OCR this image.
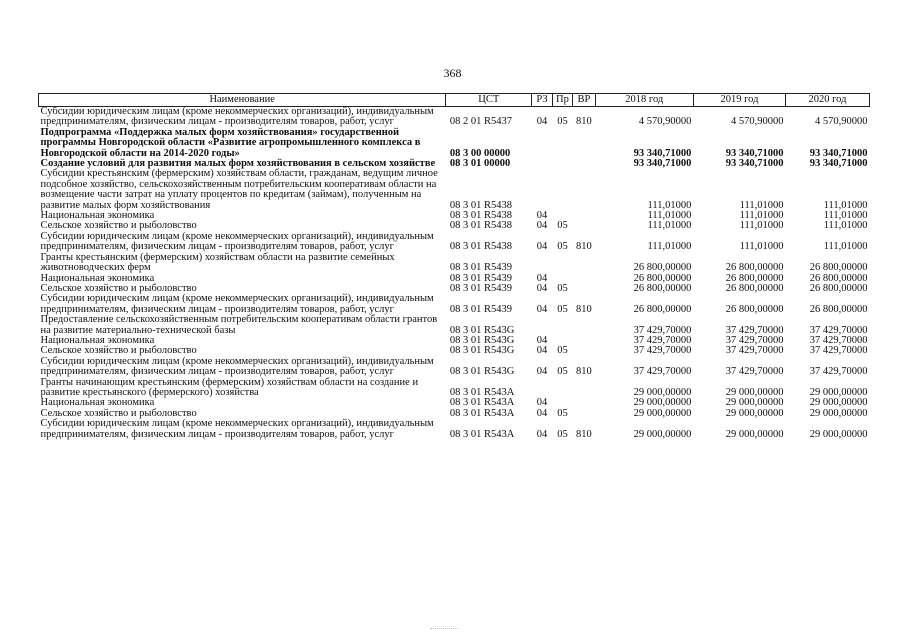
368
Наименование	ЦСТ	РЗ	Пр	ВР	2018 год	2019 год	2020 год
Субсидии юридическим лицам (кроме некоммерческих организаций), индивидуальным предпринимателям, физическим лицам - производителям товаров, работ, услуг	08 2 01 R5437	04	05	810	4 570,90000	4 570,90000	4 570,90000
Подпрограмма «Поддержка малых форм хозяйствования» государственной программы Новгородской области «Развитие агропромышленного комплекса в Новгородской области на 2014-2020 годы»	08 3 00 00000				93 340,71000	93 340,71000	93 340,71000
Создание условий для развития малых форм хозяйствования в сельском хозяйстве	08 3 01 00000				93 340,71000	93 340,71000	93 340,71000
Субсидии крестьянским (фермерским) хозяйствам области, гражданам, ведущим личное подсобное хозяйство, сельскохозяйственным потребительским кооперативам области на возмещение части затрат на уплату процентов по кредитам (займам), полученным на развитие малых форм хозяйствования	08 3 01 R5438				111,01000	111,01000	111,01000
Национальная экономика	08 3 01 R5438	04			111,01000	111,01000	111,01000
Сельское хозяйство и рыболовство	08 3 01 R5438	04	05		111,01000	111,01000	111,01000
Субсидии юридическим лицам (кроме некоммерческих организаций), индивидуальным предпринимателям, физическим лицам - производителям товаров, работ, услуг	08 3 01 R5438	04	05	810	111,01000	111,01000	111,01000
Гранты крестьянским (фермерским) хозяйствам области на развитие семейных животноводческих ферм	08 3 01 R5439				26 800,00000	26 800,00000	26 800,00000
Национальная экономика	08 3 01 R5439	04			26 800,00000	26 800,00000	26 800,00000
Сельское хозяйство и рыболовство	08 3 01 R5439	04	05		26 800,00000	26 800,00000	26 800,00000
Субсидии юридическим лицам (кроме некоммерческих организаций), индивидуальным предпринимателям, физическим лицам - производителям товаров, работ, услуг	08 3 01 R5439	04	05	810	26 800,00000	26 800,00000	26 800,00000
Предоставление сельскохозяйственным потребительским кооперативам области грантов на развитие материально-технической базы	08 3 01 R543G				37 429,70000	37 429,70000	37 429,70000
Национальная экономика	08 3 01 R543G	04			37 429,70000	37 429,70000	37 429,70000
Сельское хозяйство и рыболовство	08 3 01 R543G	04	05		37 429,70000	37 429,70000	37 429,70000
Субсидии юридическим лицам (кроме некоммерческих организаций), индивидуальным предпринимателям, физическим лицам - производителям товаров, работ, услуг	08 3 01 R543G	04	05	810	37 429,70000	37 429,70000	37 429,70000
Гранты начинающим крестьянским (фермерским) хозяйствам области на создание и развитие крестьянского (фермерского) хозяйства	08 3 01 R543A				29 000,00000	29 000,00000	29 000,00000
Национальная экономика	08 3 01 R543A	04			29 000,00000	29 000,00000	29 000,00000
Сельское хозяйство и рыболовство	08 3 01 R543A	04	05		29 000,00000	29 000,00000	29 000,00000
Субсидии юридическим лицам (кроме некоммерческих организаций), индивидуальным предпринимателям, физическим лицам - производителям товаров, работ, услуг	08 3 01 R543A	04	05	810	29 000,00000	29 000,00000	29 000,00000
